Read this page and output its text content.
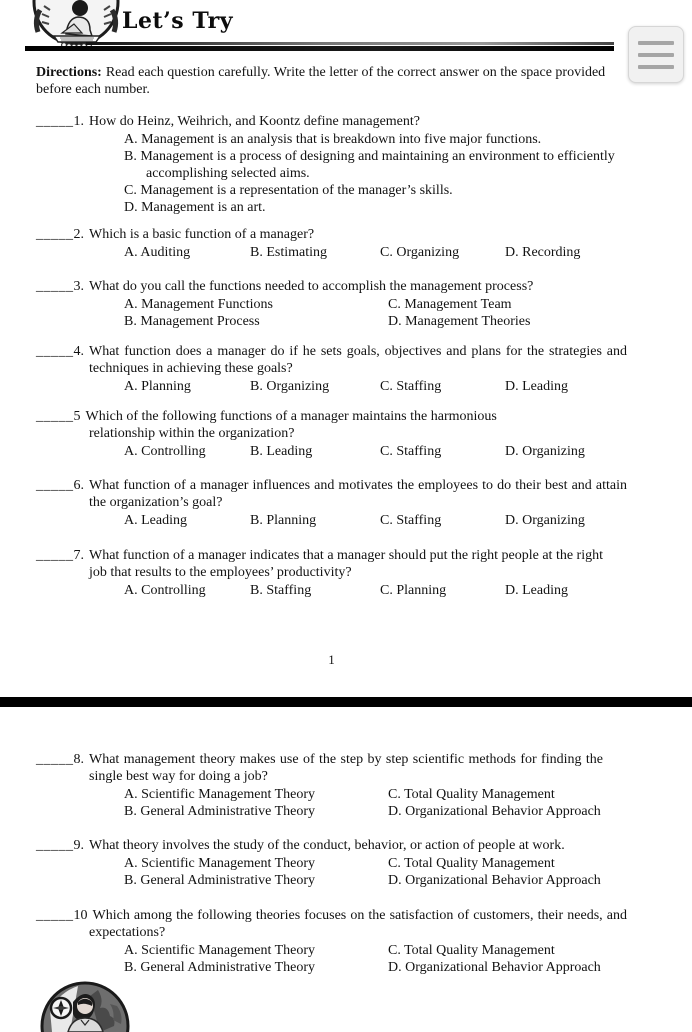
Let’s Try
Directions: Read each question carefully. Write the letter of the correct answer on the space provided before each number.
_____1. How do Heinz, Weihrich, and Koontz define management?
A. Management is an analysis that is breakdown into five major functions.
B. Management is a process of designing and maintaining an environment to efficiently accomplishing selected aims.
C. Management is a representation of the manager’s skills.
D. Management is an art.
_____2. Which is a basic function of a manager?
A. Auditing	B. Estimating	C. Organizing	D. Recording
_____3. What do you call the functions needed to accomplish the management process?
A. Management Functions	C. Management Team
B. Management Process	D. Management Theories
_____4. What function does a manager do if he sets goals, objectives and plans for the strategies and techniques in achieving these goals?
A. Planning	B. Organizing	C. Staffing	D. Leading
_____5 Which of the following functions of a manager maintains the harmonious relationship within the organization?
A. Controlling	B. Leading	C. Staffing	D. Organizing
_____6. What function of a manager influences and motivates the employees to do their best and attain the organization’s goal?
A. Leading	B. Planning	C. Staffing	D. Organizing
_____7. What function of a manager indicates that a manager should put the right people at the right job that results to the employees’ productivity?
A. Controlling	B. Staffing	C. Planning	D. Leading
1
_____8. What management theory makes use of the step by step scientific methods for finding the single best way for doing a job?
A. Scientific Management Theory	C. Total Quality Management
B. General Administrative Theory	D. Organizational Behavior Approach
_____9. What theory involves the study of the conduct, behavior, or action of people at work.
A. Scientific Management Theory	C. Total Quality Management
B. General Administrative Theory	D. Organizational Behavior Approach
_____10 Which among the following theories focuses on the satisfaction of customers, their needs, and expectations?
A. Scientific Management Theory	C. Total Quality Management
B. General Administrative Theory	D. Organizational Behavior Approach
